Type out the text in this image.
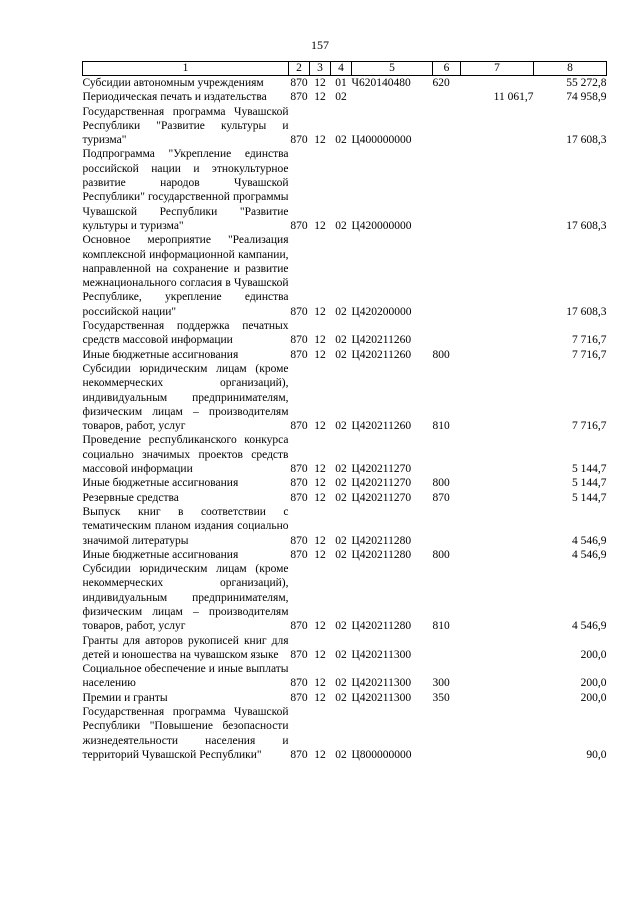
157
1	2	3	4	5	6	7	8
Субсидии автономным учреждениям	870	12	01	Ч620140480	620		55 272,8
Периодическая печать и издательства	870	12	02			11 061,7	74 958,9
Государственная программа Чувашской Республики "Развитие культуры и туризма"	870	12	02	Ц400000000			17 608,3
Подпрограмма "Укрепление единства российской нации и этнокультурное развитие народов Чувашской Республики" государственной программы Чувашской Республики "Развитие культуры и туризма"	870	12	02	Ц420000000			17 608,3
Основное мероприятие "Реализация комплексной информационной кампании, направленной на сохранение и развитие межнационального согласия в Чувашской Республике, укрепление единства российской нации"	870	12	02	Ц420200000			17 608,3
Государственная поддержка печатных средств массовой информации	870	12	02	Ц420211260			7 716,7
Иные бюджетные ассигнования	870	12	02	Ц420211260	800		7 716,7
Субсидии юридическим лицам (кроме некоммерческих организаций), индивидуальным предпринимателям, физическим лицам – производителям товаров, работ, услуг	870	12	02	Ц420211260	810		7 716,7
Проведение республиканского конкурса социально значимых проектов средств массовой информации	870	12	02	Ц420211270			5 144,7
Иные бюджетные ассигнования	870	12	02	Ц420211270	800		5 144,7
Резервные средства	870	12	02	Ц420211270	870		5 144,7
Выпуск книг в соответствии с тематическим планом издания социально значимой литературы	870	12	02	Ц420211280			4 546,9
Иные бюджетные ассигнования	870	12	02	Ц420211280	800		4 546,9
Субсидии юридическим лицам (кроме некоммерческих организаций), индивидуальным предпринимателям, физическим лицам – производителям товаров, работ, услуг	870	12	02	Ц420211280	810		4 546,9
Гранты для авторов рукописей книг для детей и юношества на чувашском языке	870	12	02	Ц420211300			200,0
Социальное обеспечение и иные выплаты населению	870	12	02	Ц420211300	300		200,0
Премии и гранты	870	12	02	Ц420211300	350		200,0
Государственная программа Чувашской Республики "Повышение безопасности жизнедеятельности населения и территорий Чувашской Республики"	870	12	02	Ц800000000			90,0
